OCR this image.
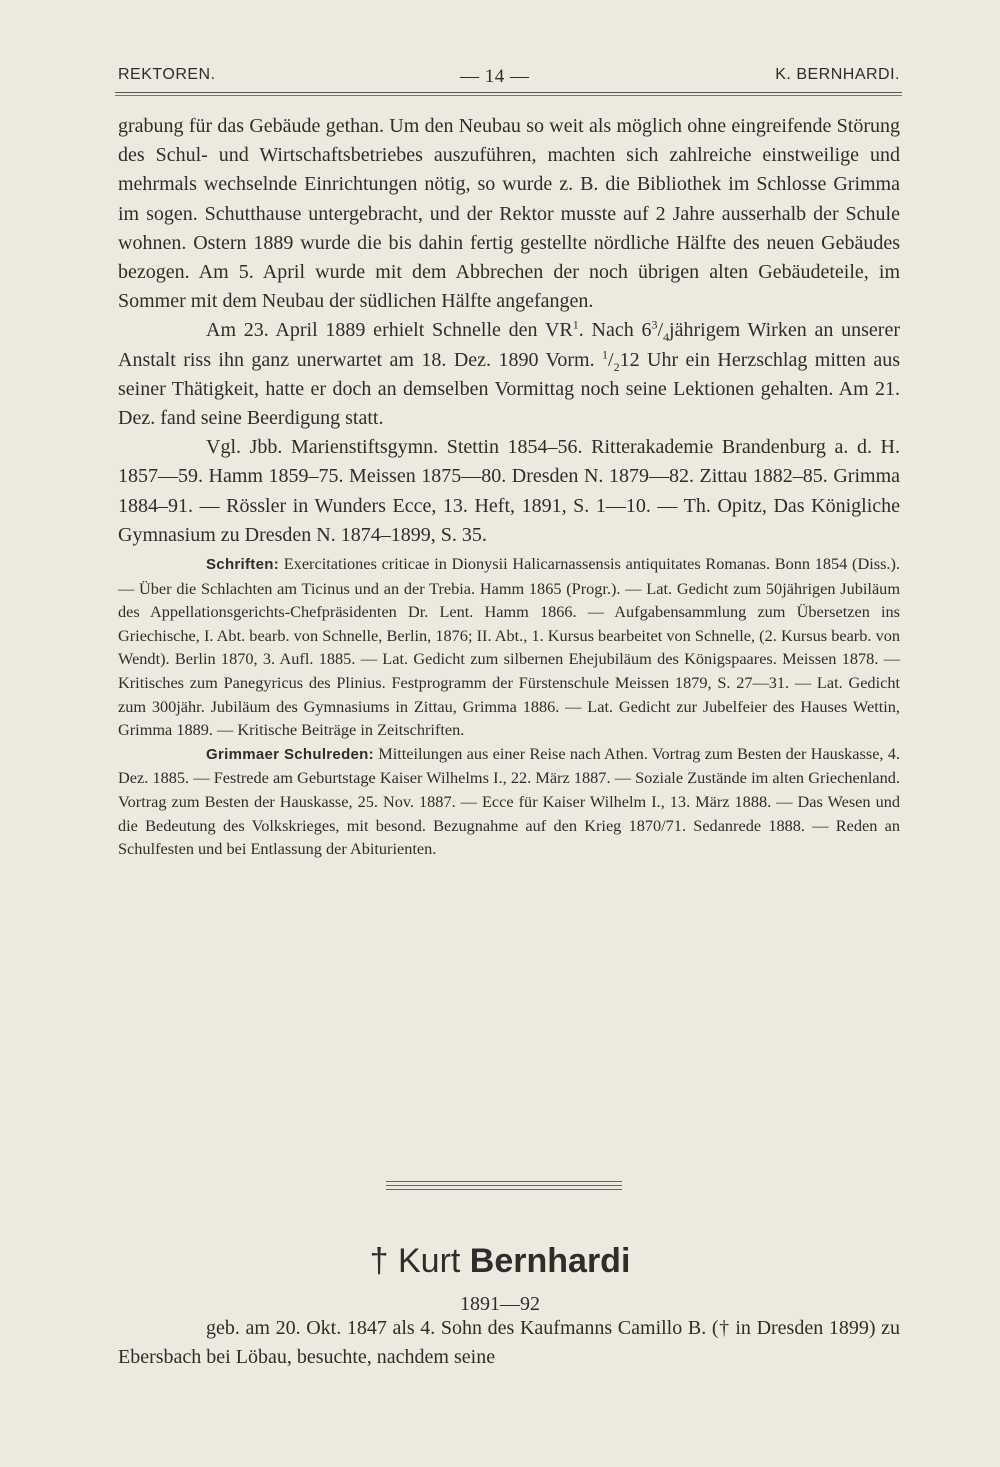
REKTOREN.	— 14 —	K. BERNHARDI.

grabung für das Gebäude gethan. Um den Neubau so weit als möglich ohne eingreifende Störung des Schul- und Wirtschaftsbetriebes auszuführen, machten sich zahlreiche einstweilige und mehrmals wechselnde Einrichtungen nötig, so wurde z. B. die Bibliothek im Schlosse Grimma im sogen. Schutthause untergebracht, und der Rektor musste auf 2 Jahre ausserhalb der Schule wohnen. Ostern 1889 wurde die bis dahin fertig gestellte nördliche Hälfte des neuen Gebäudes bezogen. Am 5. April wurde mit dem Abbrechen der noch übrigen alten Gebäudeteile, im Sommer mit dem Neubau der südlichen Hälfte angefangen.

Am 23. April 1889 erhielt Schnelle den $VR^1$. Nach $6^3/_4jährigem$ Wirken an unserer Anstalt riss ihn ganz unerwartet am 18. Dez. 1890 Vorm. $^1/_212$ Uhr ein Herzschlag mitten aus seiner Thätigkeit, hatte er doch an demselben Vormittag noch seine Lektionen gehalten. Am 21. Dez. fand seine Beerdigung statt.

Vgl. Jbb. Marienstiftsgymn. Stettin 1854–56. Ritterakademie Brandenburg a. d. H. 1857—59. Hamm 1859–75. Meissen 1875—80. Dresden N. 1879—82. Zittau 1882–85. Grimma 1884–91. — Rössler in Wunders Ecce, 13. Heft, 1891, S. 1—10. — Th. Opitz, Das Königliche Gymnasium zu Dresden N. 1874–1899, S. 35.

Schriften: Exercitationes criticae in Dionysii Halicarnassensis antiquitates Romanas. Bonn 1854 (Diss.). — Über die Schlachten am Ticinus und an der Trebia. Hamm 1865 (Progr.). — Lat. Gedicht zum 50jährigen Jubiläum des Appellationsgerichts-Chefpräsidenten Dr. Lent. Hamm 1866. — Aufgabensammlung zum Übersetzen ins Griechische, I. Abt. bearb. von Schnelle, Berlin, 1876; II. Abt., 1. Kursus bearbeitet von Schnelle, (2. Kursus bearb. von Wendt). Berlin 1870, 3. Aufl. 1885. — Lat. Gedicht zum silbernen Ehejubiläum des Königspaares. Meissen 1878. — Kritisches zum Panegyricus des Plinius. Festprogramm der Fürstenschule Meissen 1879, S. 27—31. — Lat. Gedicht zum 300jähr. Jubiläum des Gymnasiums in Zittau, Grimma 1886. — Lat. Gedicht zur Jubelfeier des Hauses Wettin, Grimma 1889. — Kritische Beiträge in Zeitschriften.

Grimmaer Schulreden: Mitteilungen aus einer Reise nach Athen. Vortrag zum Besten der Hauskasse, 4. Dez. 1885. — Festrede am Geburtstage Kaiser Wilhelms I., 22. März 1887. — Soziale Zustände im alten Griechenland. Vortrag zum Besten der Hauskasse, 25. Nov. 1887. — Ecce für Kaiser Wilhelm I., 13. März 1888. — Das Wesen und die Bedeutung des Volkskrieges, mit besond. Bezugnahme auf den Krieg 1870/71. Sedanrede 1888. — Reden an Schulfesten und bei Entlassung der Abiturienten.

† Kurt Bernhardi
1891—92

geb. am 20. Okt. 1847 als 4. Sohn des Kaufmanns Camillo B. († in Dresden 1899) zu Ebersbach bei Löbau, besuchte, nachdem seine
